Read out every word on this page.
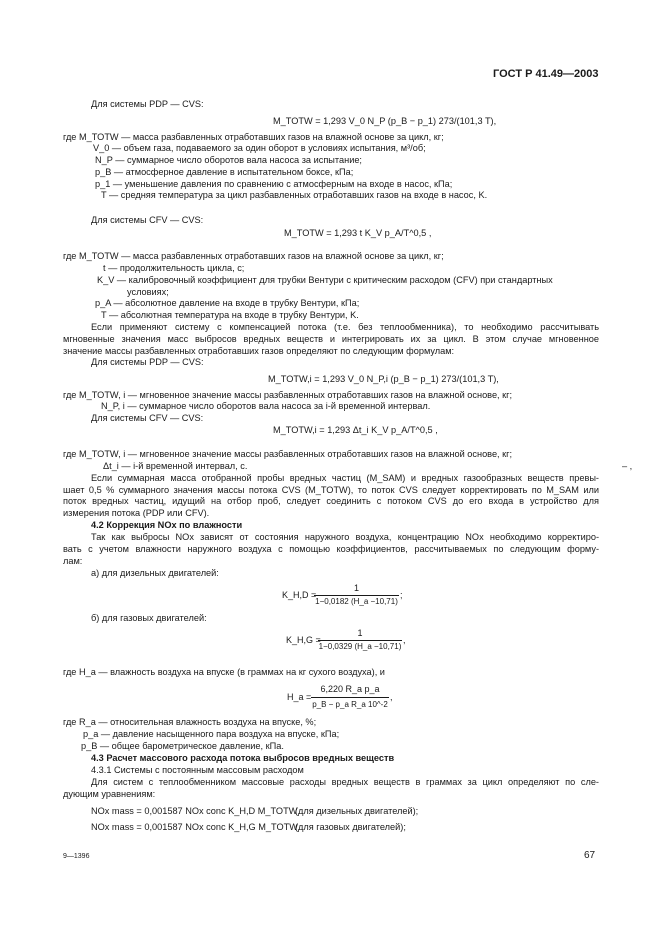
ГОСТ Р 41.49—2003
Для системы PDP — CVS:
M_TOTW = 1,293 V_0 N_P (p_B − p_1) 273/(101,3 T),
где M_TOTW — масса разбавленных отработавших газов на влажной основе за цикл, кг;
V_0 — объем газа, подаваемого за один оборот в условиях испытания, м³/об;
N_P — суммарное число оборотов вала насоса за испытание;
p_B — атмосферное давление в испытательном боксе, кПа;
p_1 — уменьшение давления по сравнению с атмосферным на входе в насос, кПа;
T — средняя температура за цикл разбавленных отработавших газов на входе в насос, K.
Для системы CFV — CVS:
M_TOTW = 1,293 t K_V p_A/T^0,5 ,
где M_TOTW — масса разбавленных отработавших газов на влажной основе за цикл, кг;
t — продолжительность цикла, с;
K_V — калибровочный коэффициент для трубки Вентури с критическим расходом (CFV) при стандартных
условиях;
p_A — абсолютное давление на входе в трубку Вентури, кПа;
T — абсолютная температура на входе в трубку Вентури, K.
Если применяют систему с компенсацией потока (т.е. без теплообменника), то необходимо рассчитывать
мгновенные значения масс выбросов вредных веществ и интегрировать их за цикл. В этом случае мгновенное
значение массы разбавленных отработавших газов определяют по следующим формулам:
Для системы PDP — CVS:
M_TOTW,i = 1,293 V_0 N_P,i (p_B − p_1) 273/(101,3 T),
где M_TOTW, i — мгновенное значение массы разбавленных отработавших газов на влажной основе, кг;
N_P, i — суммарное число оборотов вала насоса за i-й временной интервал.
Для системы CFV — CVS:
M_TOTW,i = 1,293 Δt_i K_V p_A/T^0,5 ,
где M_TOTW, i — мгновенное значение массы разбавленных отработавших газов на влажной основе, кг;
Δt_i — i-й временной интервал, с.
Если суммарная масса отобранной пробы вредных частиц (M_SAM) и вредных газообразных веществ превы-
шает 0,5 % суммарного значения массы потока CVS (M_TOTW), то поток CVS следует корректировать по M_SAM или
поток вредных частиц, идущий на отбор проб, следует соединить с потоком CVS до его входа в устройство для
измерения потока (PDP или CFV).
– ,
4.2 Коррекция NOx по влажности
Так как выбросы NOx зависят от состояния наружного воздуха, концентрацию NOx необходимо корректиро-
вать с учетом влажности наружного воздуха с помощью коэффициентов, рассчитываемых по следующим форму-
лам:
а) для дизельных двигателей:
K_H,D =
1
1−0,0182 (H_a −10,71)
;
б) для газовых двигателей:
K_H,G =
1
1−0,0329 (H_a −10,71)
,
где H_a — влажность воздуха на впуске (в граммах на кг сухого воздуха), и
H_a =
6,220 R_a p_a
p_B − p_a R_a 10^-2
,
где R_a — относительная влажность воздуха на впуске, %;
p_a — давление насыщенного пара воздуха на впуске, кПа;
p_B — общее барометрическое давление, кПа.
4.3 Расчет массового расхода потока выбросов вредных веществ
4.3.1 Системы с постоянным массовым расходом
Для систем с теплообменником массовые расходы вредных веществ в граммах за цикл определяют по сле-
дующим уравнениям:
NOx mass = 0,001587 NOx conc K_H,D M_TOTW
(для дизельных двигателей);
NOx mass = 0,001587 NOx conc K_H,G M_TOTW
(для газовых двигателей);
9—1396	67
